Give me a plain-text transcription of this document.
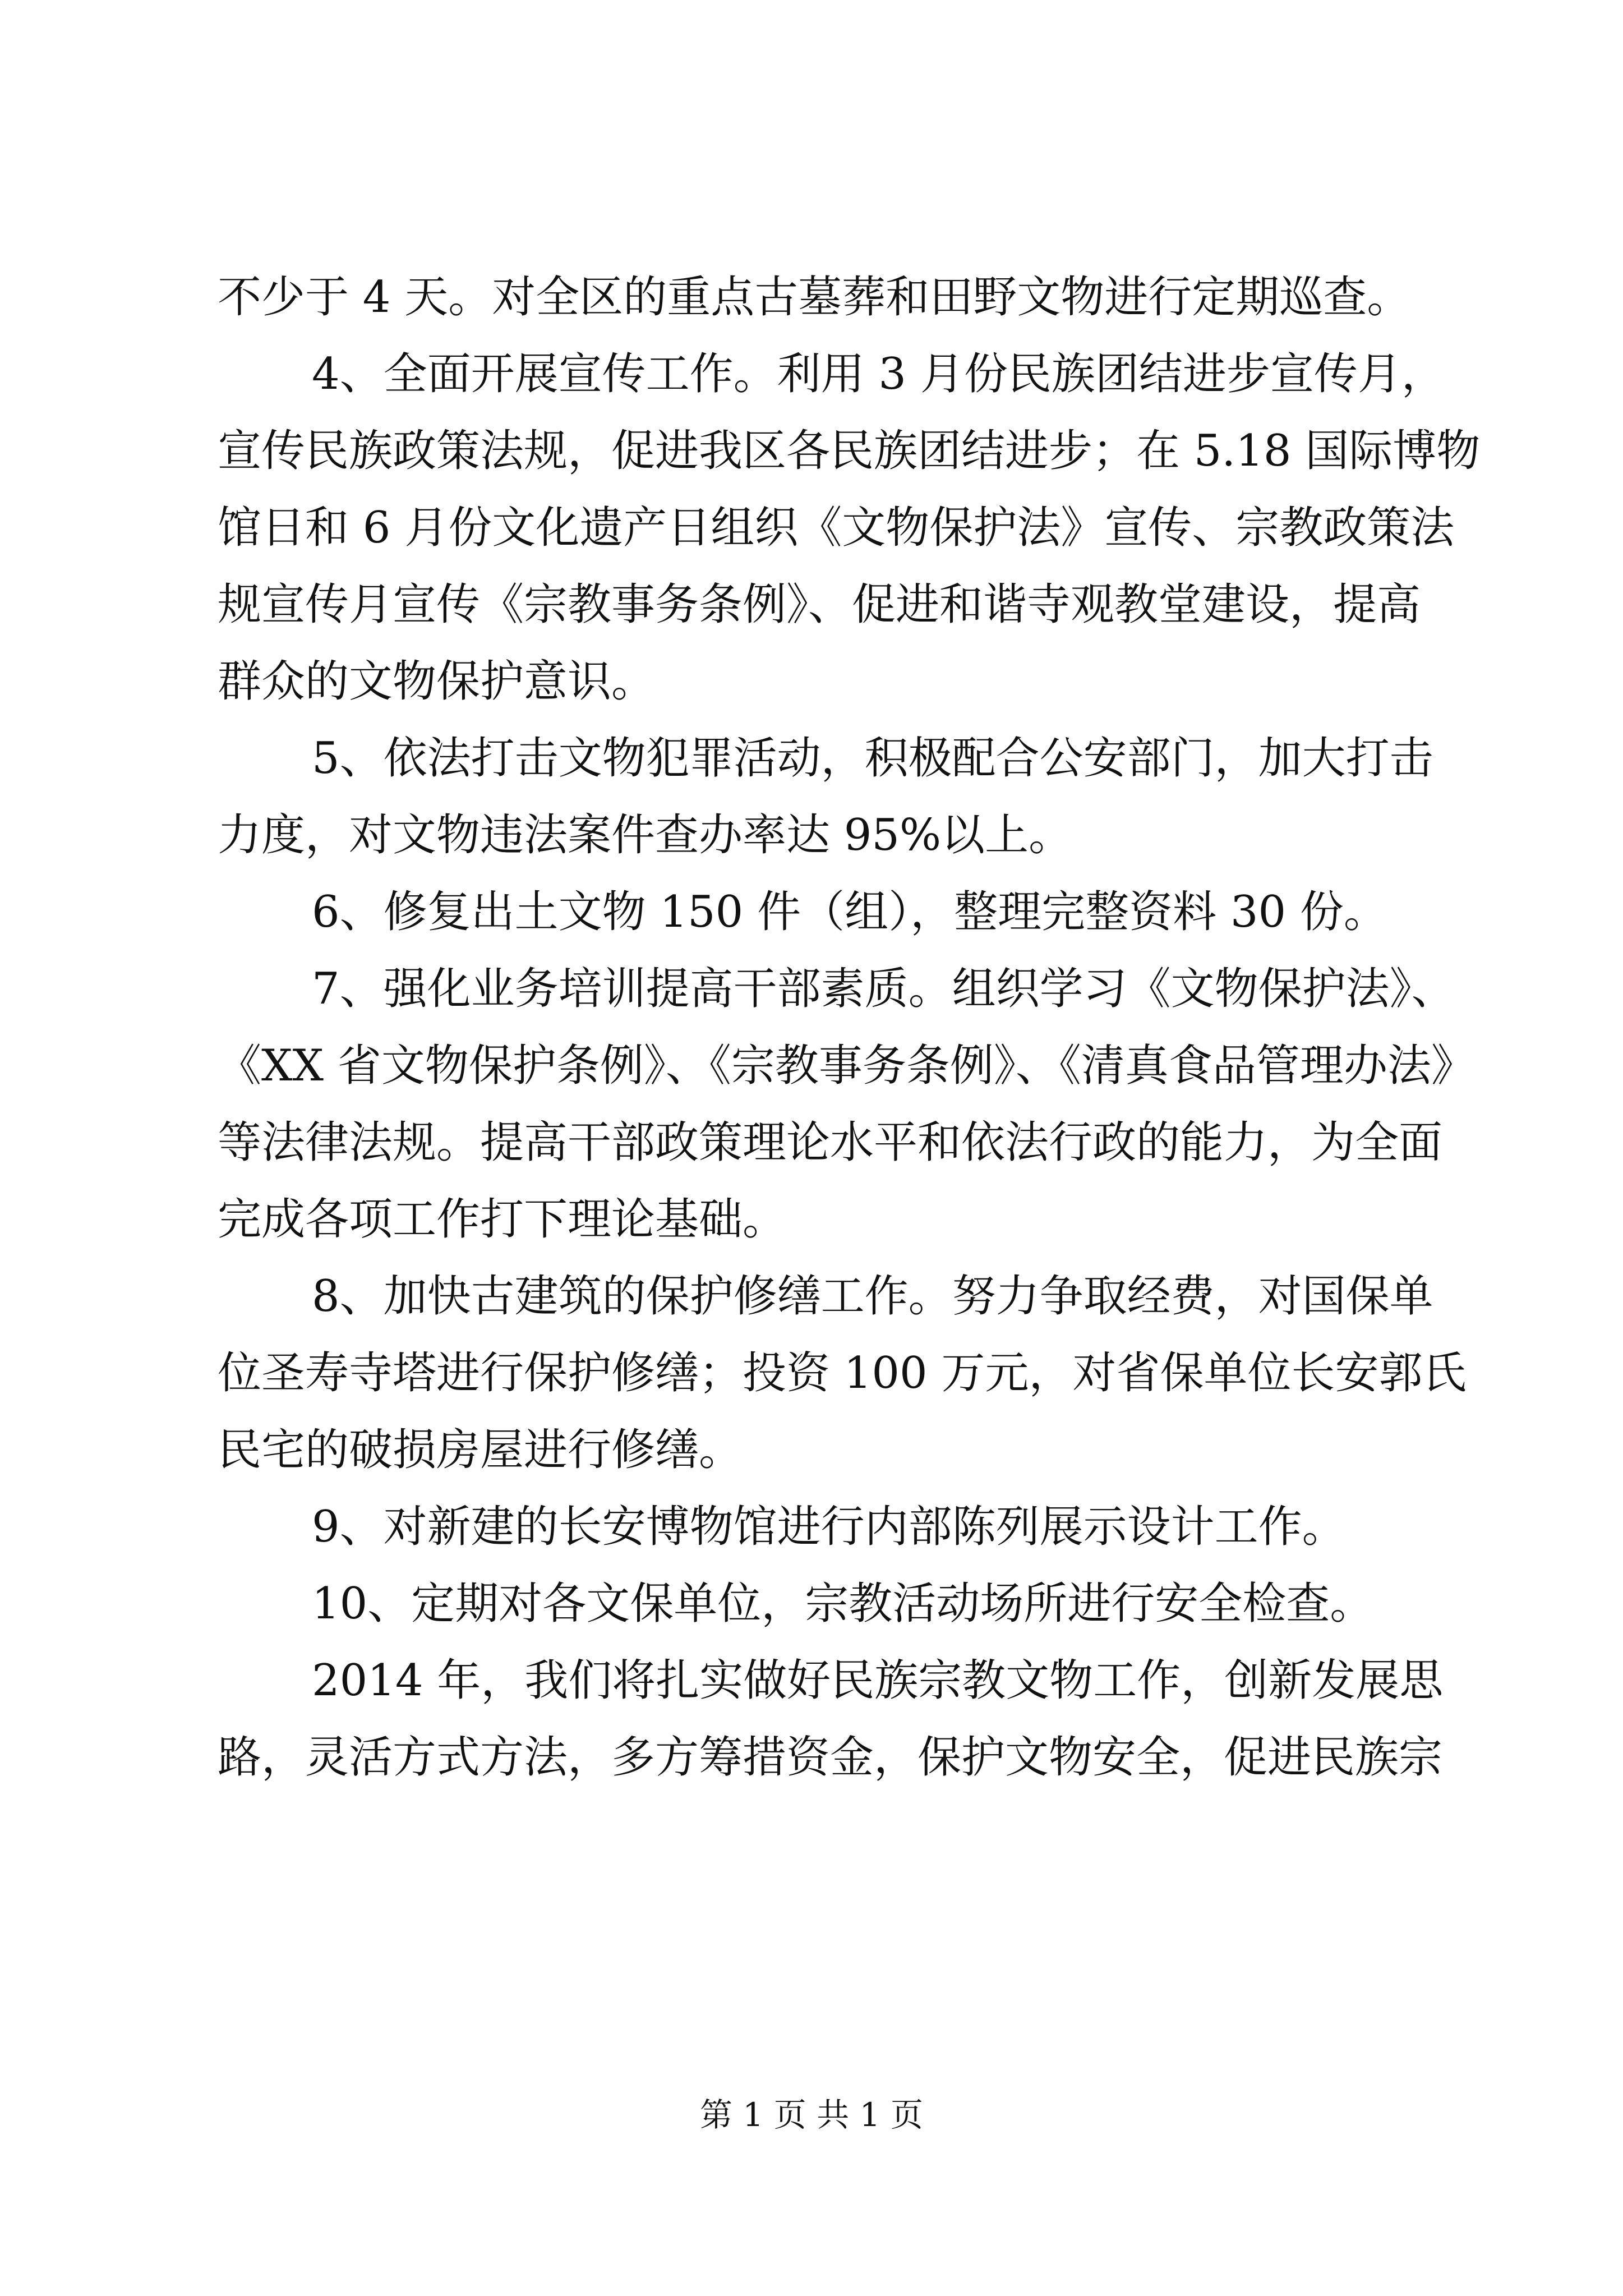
不少于 4 天。对全区的重点古墓葬和田野文物进行定期巡查。

4、全面开展宣传工作。利用 3 月份民族团结进步宣传月，

宣传民族政策法规，促进我区各民族团结进步；在 5.18 国际博物

馆日和 6 月份文化遗产日组织《文物保护法》宣传、宗教政策法

规宣传月宣传《宗教事务条例》、促进和谐寺观教堂建设，提高

群众的文物保护意识。

5、依法打击文物犯罪活动，积极配合公安部门，加大打击

力度，对文物违法案件查办率达 95%以上。

6、修复出土文物 150 件（组），整理完整资料 30 份。

7、强化业务培训提高干部素质。组织学习《文物保护法》、

《XX 省文物保护条例》、《宗教事务条例》、《清真食品管理办法》

等法律法规。提高干部政策理论水平和依法行政的能力，为全面

完成各项工作打下理论基础。

8、加快古建筑的保护修缮工作。努力争取经费，对国保单

位圣寿寺塔进行保护修缮；投资 100 万元，对省保单位长安郭氏

民宅的破损房屋进行修缮。

9、对新建的长安博物馆进行内部陈列展示设计工作。

10、定期对各文保单位，宗教活动场所进行安全检查。

2014 年，我们将扎实做好民族宗教文物工作，创新发展思

路，灵活方式方法，多方筹措资金，保护文物安全，促进民族宗

第 1 页 共 1 页
